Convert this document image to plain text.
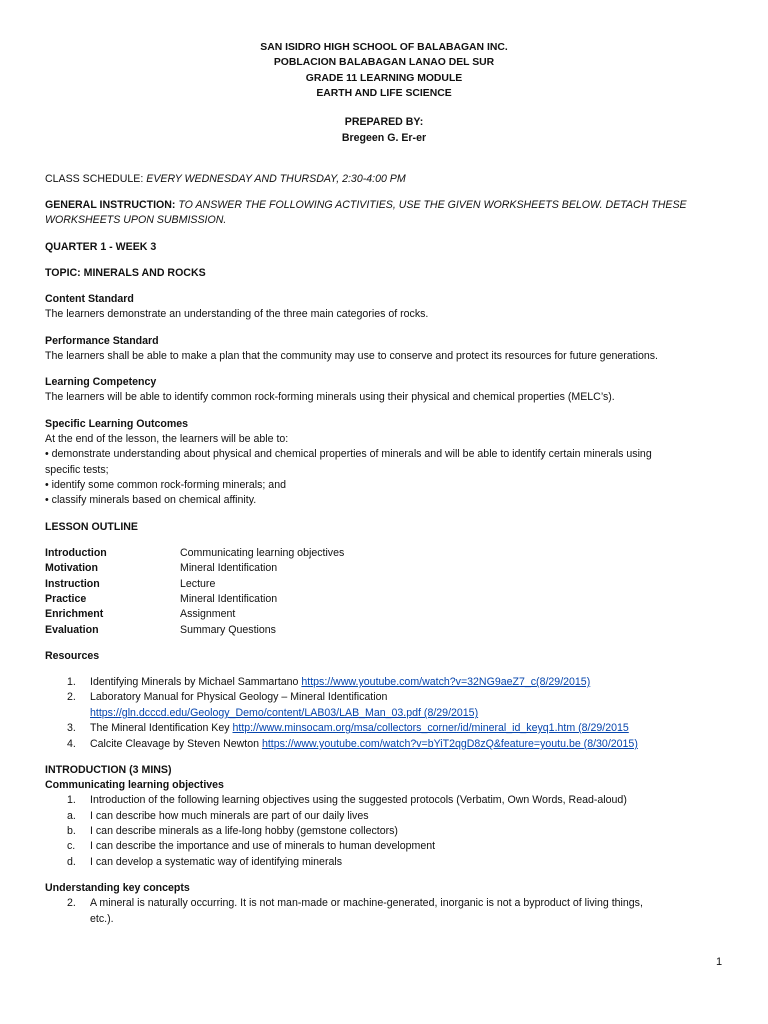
SAN ISIDRO HIGH SCHOOL OF BALABAGAN INC.
POBLACION BALABAGAN LANAO DEL SUR
GRADE 11 LEARNING MODULE
EARTH AND LIFE SCIENCE
PREPARED BY:
Bregeen G. Er-er
CLASS SCHEDULE: EVERY WEDNESDAY AND THURSDAY, 2:30-4:00 PM
GENERAL INSTRUCTION: TO ANSWER THE FOLLOWING ACTIVITIES, USE THE GIVEN WORKSHEETS BELOW. DETACH THESE
WORKSHEETS UPON SUBMISSION.
QUARTER 1 - WEEK 3
TOPIC: MINERALS AND ROCKS
Content Standard
The learners demonstrate an understanding of the three main categories of rocks.
Performance Standard
The learners shall be able to make a plan that the community may use to conserve and protect its resources for future generations.
Learning Competency
The learners will be able to identify common rock-forming minerals using their physical and chemical properties (MELC’s).
Specific Learning Outcomes
At the end of the lesson, the learners will be able to:
• demonstrate understanding about physical and chemical properties of minerals and will be able to identify certain minerals using
specific tests;
• identify some common rock-forming minerals; and
• classify minerals based on chemical affinity.
LESSON OUTLINE
Introduction	Communicating learning objectives
Motivation	Mineral Identification
Instruction	Lecture
Practice	Mineral Identification
Enrichment	Assignment
Evaluation	Summary Questions
Resources
1. Identifying Minerals by Michael Sammartano https://www.youtube.com/watch?v=32NG9aeZ7_c(8/29/2015)
2. Laboratory Manual for Physical Geology – Mineral Identification
https://gln.dcccd.edu/Geology_Demo/content/LAB03/LAB_Man_03.pdf (8/29/2015)
3. The Mineral Identification Key http://www.minsocam.org/msa/collectors_corner/id/mineral_id_keyq1.htm (8/29/2015
4. Calcite Cleavage by Steven Newton https://www.youtube.com/watch?v=bYiT2qgD8zQ&feature=youtu.be (8/30/2015)
INTRODUCTION (3 MINS)
Communicating learning objectives
1. Introduction of the following learning objectives using the suggested protocols (Verbatim, Own Words, Read-aloud)
a. I can describe how much minerals are part of our daily lives
b. I can describe minerals as a life-long hobby (gemstone collectors)
c. I can describe the importance and use of minerals to human development
d. I can develop a systematic way of identifying minerals
Understanding key concepts
2. A mineral is naturally occurring. It is not man-made or machine-generated, inorganic is not a byproduct of living things,
etc.).
1
